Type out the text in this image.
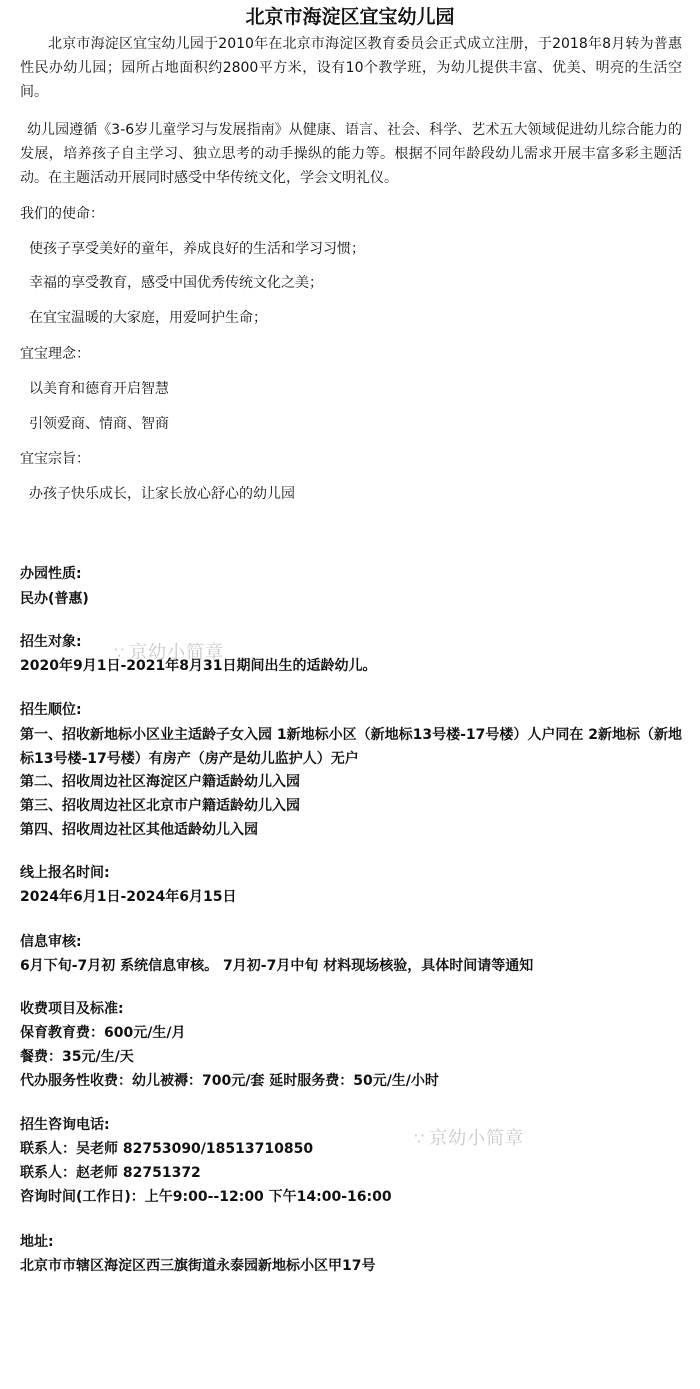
北京市海淀区宜宝幼儿园
北京市海淀区宜宝幼儿园于2010年在北京市海淀区教育委员会正式成立注册，于2018年8月转为普惠性民办幼儿园；园所占地面积约2800平方米，设有10个教学班，为幼儿提供丰富、优美、明亮的生活空间。
幼儿园遵循《3-6岁儿童学习与发展指南》从健康、语言、社会、科学、艺术五大领域促进幼儿综合能力的发展，培养孩子自主学习、独立思考的动手操纵的能力等。根据不同年龄段幼儿需求开展丰富多彩主题活动。在主题活动开展同时感受中华传统文化，学会文明礼仪。
我们的使命：
使孩子享受美好的童年，养成良好的生活和学习习惯；
幸福的享受教育，感受中国优秀传统文化之美；
在宜宝温暖的大家庭，用爱呵护生命；
宜宝理念：
以美育和德育开启智慧
引领爱商、情商、智商
宜宝宗旨：
办孩子快乐成长，让家长放心舒心的幼儿园
办园性质:
民办(普惠)
招生对象:
2020年9月1日-2021年8月31日期间出生的适龄幼儿。
招生顺位:
第一、招收新地标小区业主适龄子女入园 1新地标小区（新地标13号楼-17号楼）人户同在 2新地标（新地标13号楼-17号楼）有房产（房产是幼儿监护人）无户
第二、招收周边社区海淀区户籍适龄幼儿入园
第三、招收周边社区北京市户籍适龄幼儿入园
第四、招收周边社区其他适龄幼儿入园
线上报名时间:
2024年6月1日-2024年6月15日
信息审核:
6月下旬-7月初 系统信息审核。 7月初-7月中旬 材料现场核验，具体时间请等通知
收费项目及标准:
保育教育费：600元/生/月
餐费：35元/生/天
代办服务性收费：幼儿被褥：700元/套 延时服务费：50元/生/小时
招生咨询电话:
联系人：吴老师 82753090/18513710850
联系人：赵老师 82751372
咨询时间(工作日)：上午9:00--12:00 下午14:00-16:00
地址:
北京市市辖区海淀区西三旗街道永泰园新地标小区甲17号
∵ 京幼小简章
∵ 京幼小简章
